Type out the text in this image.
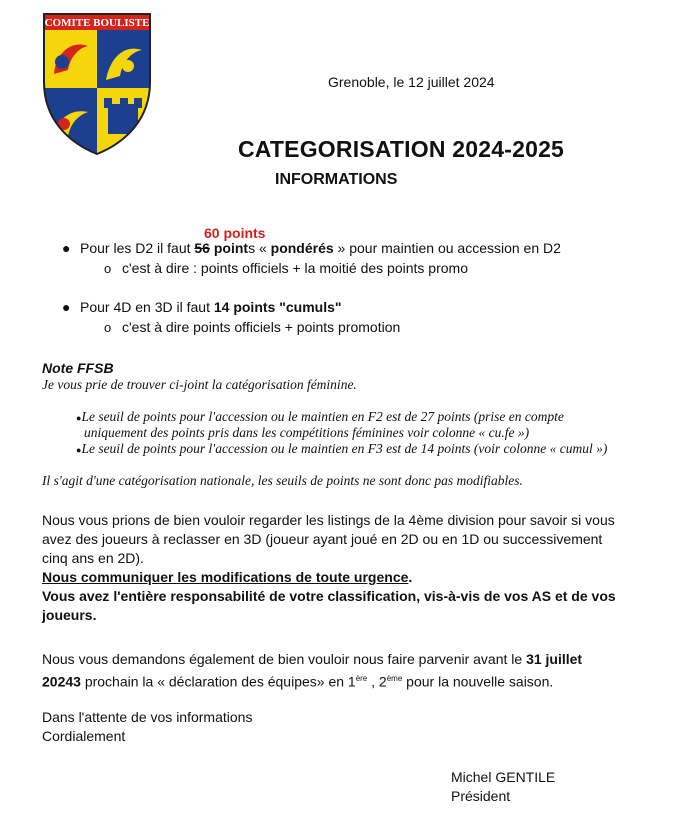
COMITE BOULISTE
Grenoble, le 12 juillet 2024
CATEGORISATION 2024-2025
INFORMATIONS
60 points
● Pour les D2 il faut 56 points « pondérés » pour maintien ou accession en D2
o c'est à dire : points officiels + la moitié des points promo
● Pour 4D en 3D il faut 14 points "cumuls"
o c'est à dire points officiels + points promotion
Note FFSB
Je vous prie de trouver ci-joint la catégorisation féminine.
●Le seuil de points pour l'accession ou le maintien en F2 est de 27 points (prise en compte
uniquement des points pris dans les compétitions féminines voir colonne « cu.fe »)
●Le seuil de points pour l'accession ou le maintien en F3 est de 14 points (voir colonne « cumul »)
Il s'agit d'une catégorisation nationale, les seuils de points ne sont donc pas modifiables.
Nous vous prions de bien vouloir regarder les listings de la 4ème division pour savoir si vous
avez des joueurs à reclasser en 3D (joueur ayant joué en 2D ou en 1D ou successivement
cinq ans en 2D).
Nous communiquer les modifications de toute urgence.
Vous avez l'entière responsabilité de votre classification, vis-à-vis de vos AS et de vos
joueurs.
Nous vous demandons également de bien vouloir nous faire parvenir avant le 31 juillet
20243 prochain la « déclaration des équipes» en 1ère , 2ème pour la nouvelle saison.
Dans l'attente de vos informations
Cordialement
Michel GENTILE
Président
